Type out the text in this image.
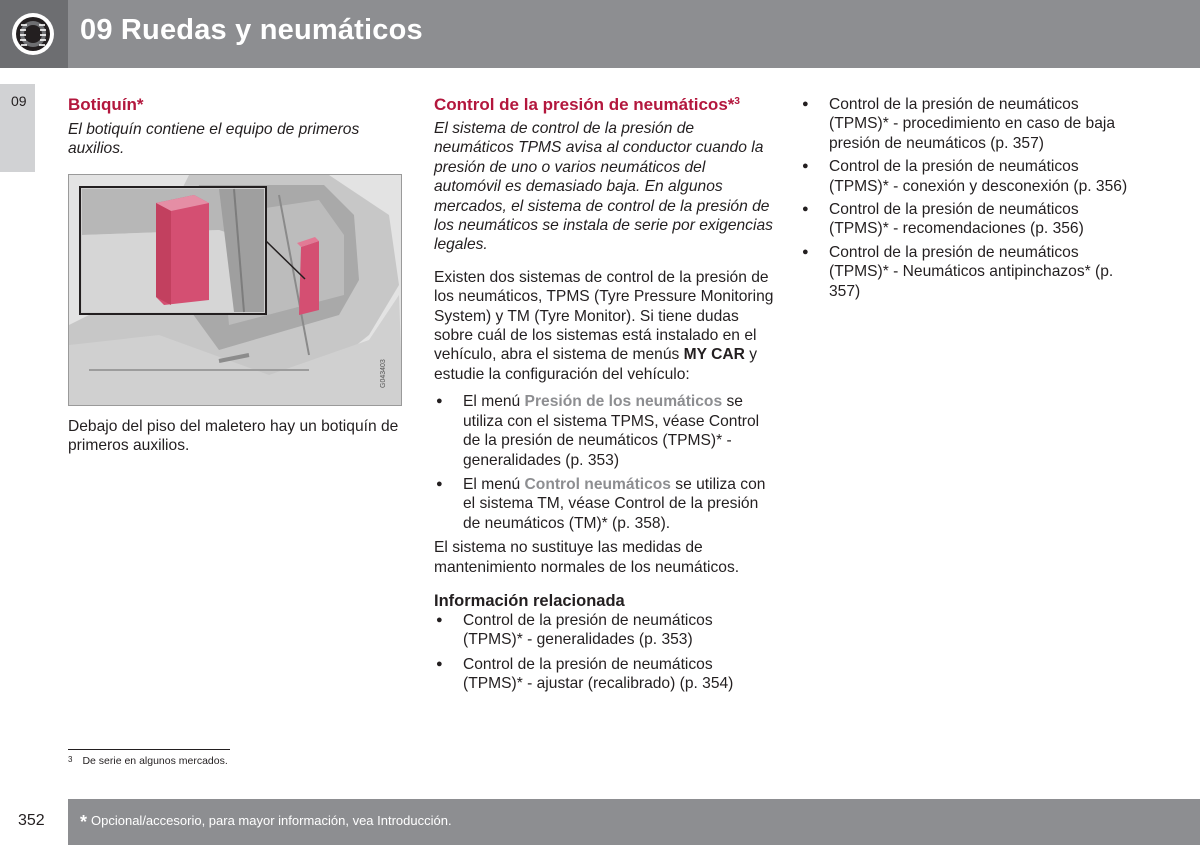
09 Ruedas y neumáticos
09 Botiquín*
El botiquín contiene el equipo de primeros auxilios.
G043403

Debajo del piso del maletero hay un botiquín de primeros auxilios.

Control de la presión de neumáticos*$^3$
El sistema de control de la presión de neumáticos TPMS avisa al conductor cuando la presión de uno o varios neumáticos del automóvil es demasiado baja. En algunos mercados, el sistema de control de la presión de los neumáticos se instala de serie por exigencias legales.

Existen dos sistemas de control de la presión de los neumáticos, TPMS (Tyre Pressure Monitoring System) y TM (Tyre Monitor). Si tiene dudas sobre cuál de los sistemas está instalado en el vehículo, abra el sistema de menús MY CAR y estudie la configuración del vehículo:

● El menú Presión de los neumáticos se utiliza con el sistema TPMS, véase Control de la presión de neumáticos (TPMS)* - generalidades (p. 353)
● El menú Control neumáticos se utiliza con el sistema TM, véase Control de la presión de neumáticos (TM)* (p. 358).

El sistema no sustituye las medidas de mantenimiento normales de los neumáticos.

Información relacionada
● Control de la presión de neumáticos (TPMS)* - generalidades (p. 353)
● Control de la presión de neumáticos (TPMS)* - ajustar (recalibrado) (p. 354)
● Control de la presión de neumáticos (TPMS)* - procedimiento en caso de baja presión de neumáticos (p. 357)
● Control de la presión de neumáticos (TPMS)* - conexión y desconexión (p. 356)
● Control de la presión de neumáticos (TPMS)* - recomendaciones (p. 356)
● Control de la presión de neumáticos (TPMS)* - Neumáticos antipinchazos* (p. 357)
$^3$ De serie en algunos mercados.
352 * Opcional/accesorio, para mayor información, vea Introducción.
